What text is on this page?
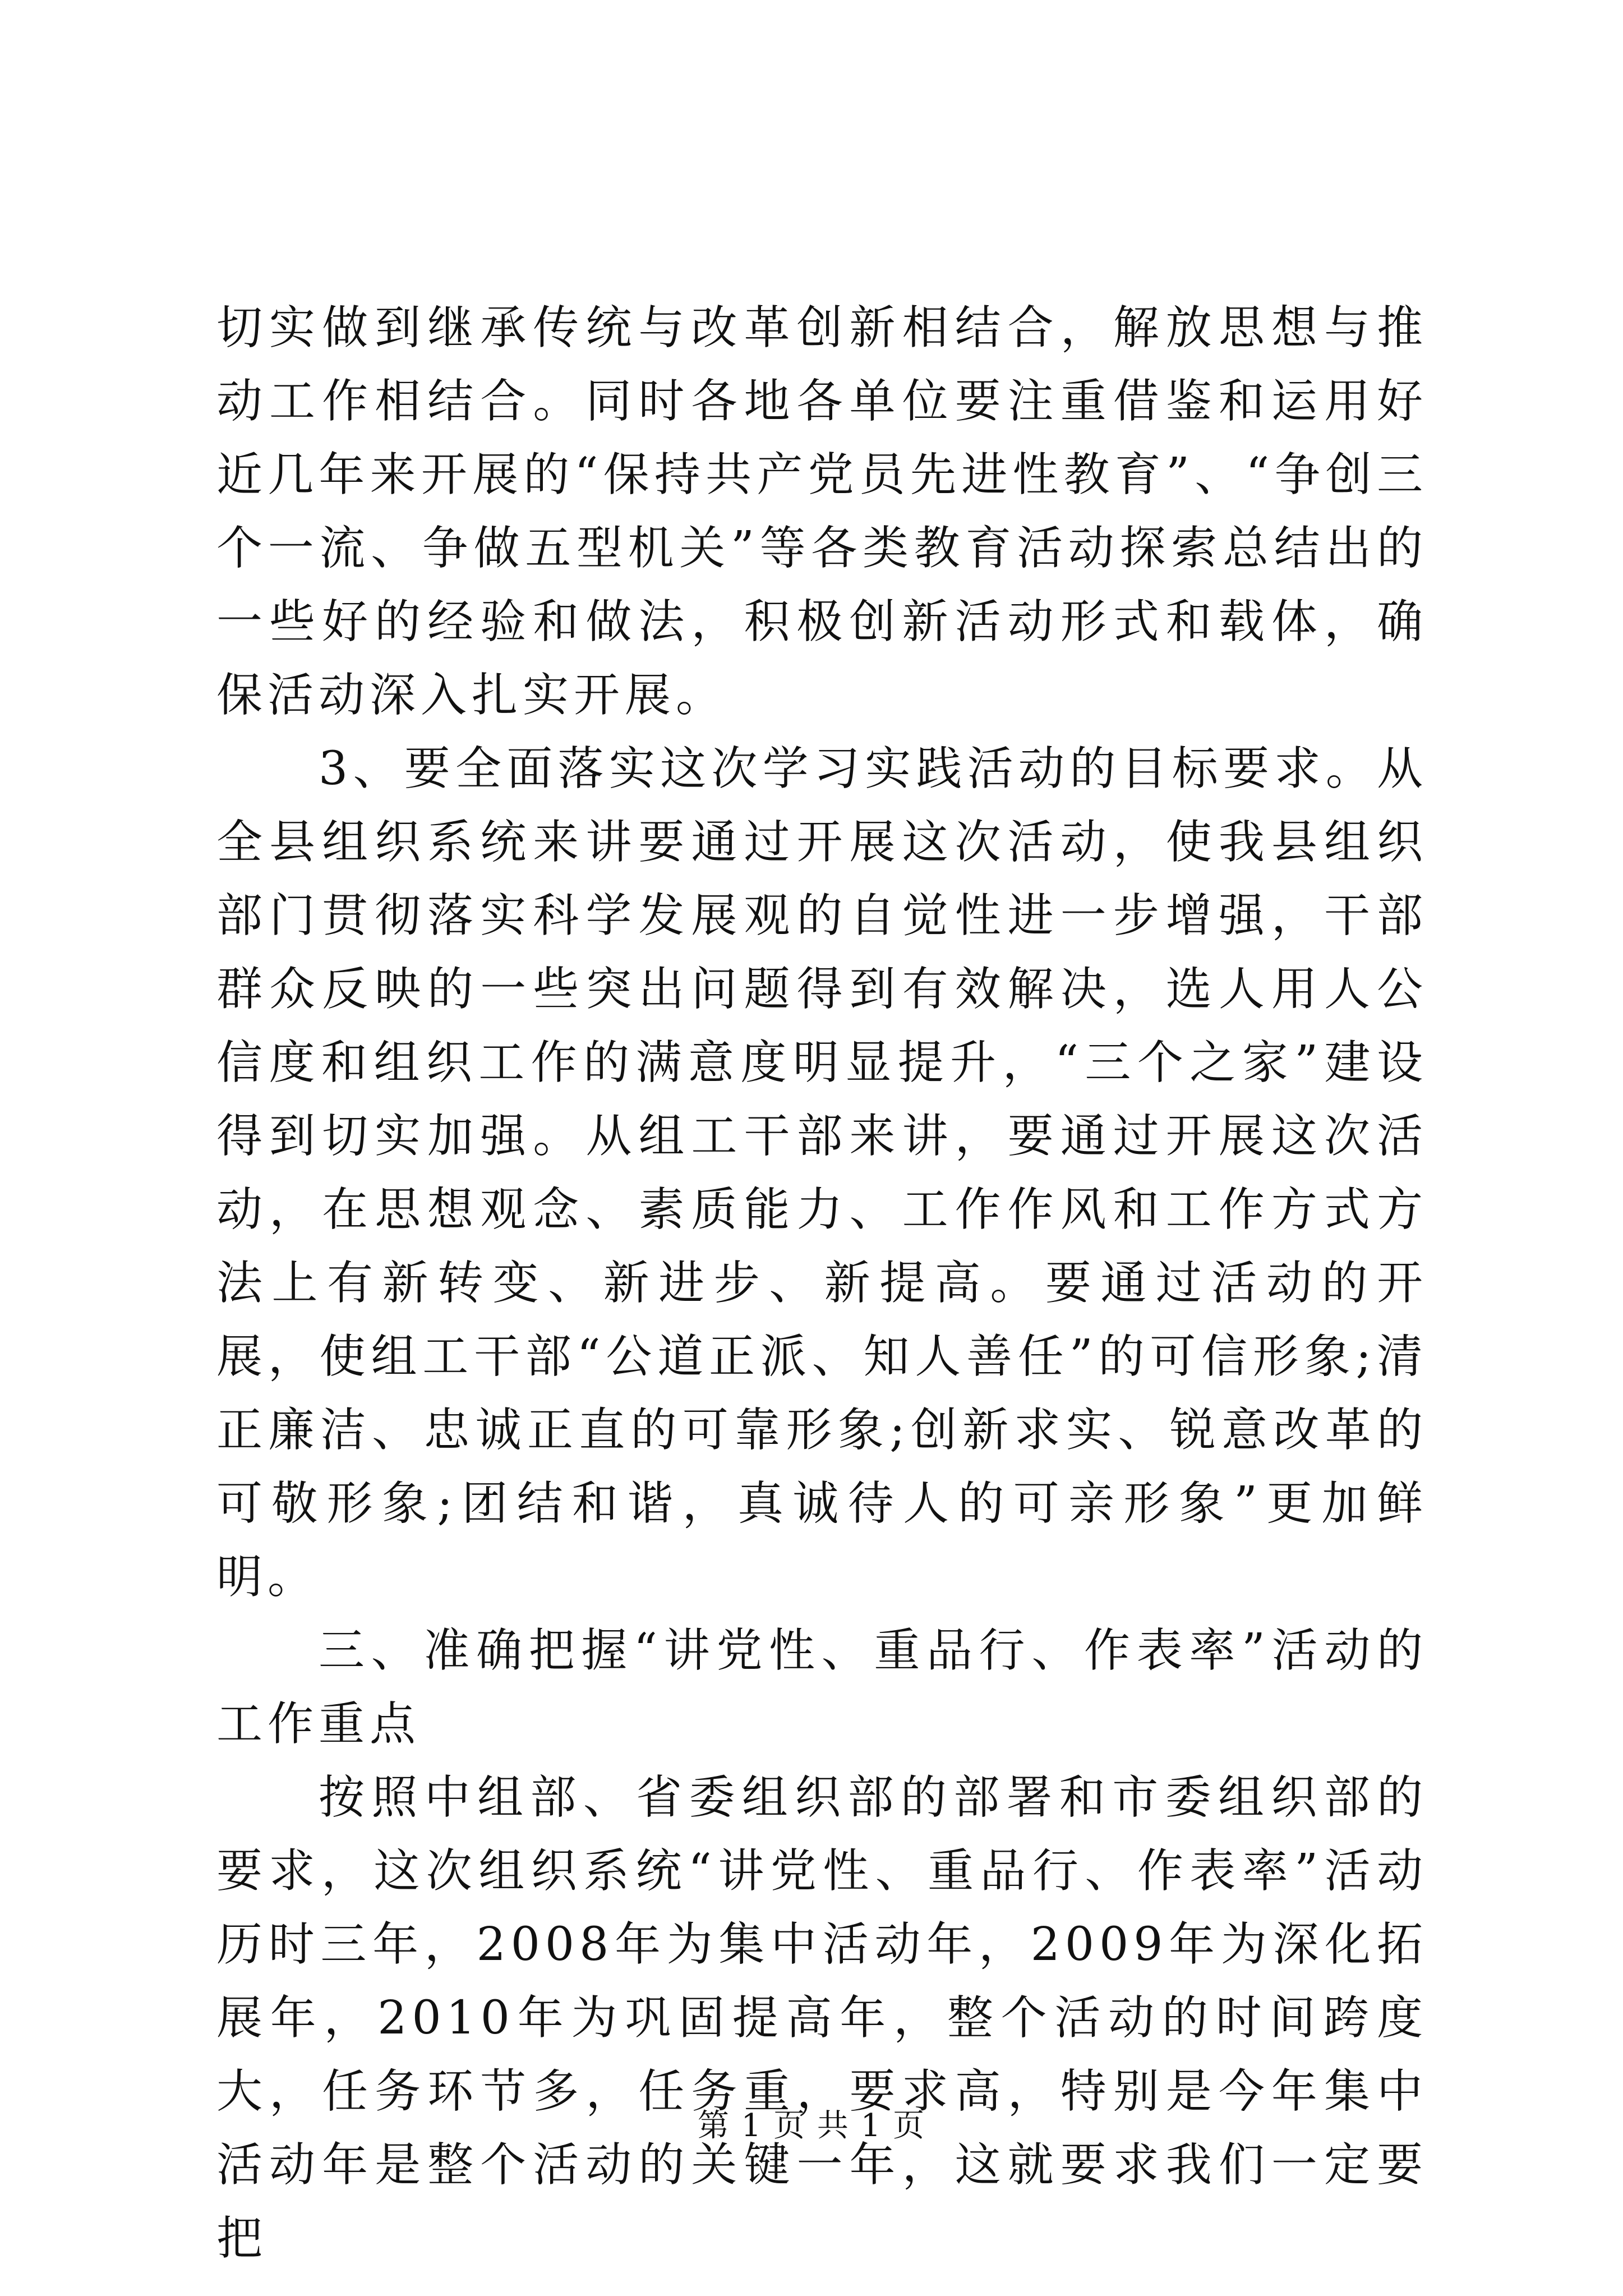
切实做到继承传统与改革创新相结合，解放思想与推动工作相结合。同时各地各单位要注重借鉴和运用好近几年来开展的“保持共产党员先进性教育”、“争创三个一流、争做五型机关”等各类教育活动探索总结出的一些好的经验和做法，积极创新活动形式和载体，确保活动深入扎实开展。

3、要全面落实这次学习实践活动的目标要求。从全县组织系统来讲要通过开展这次活动，使我县组织部门贯彻落实科学发展观的自觉性进一步增强，干部群众反映的一些突出问题得到有效解决，选人用人公信度和组织工作的满意度明显提升，“三个之家”建设得到切实加强。从组工干部来讲，要通过开展这次活动，在思想观念、素质能力、工作作风和工作方式方法上有新转变、新进步、新提高。要通过活动的开展，使组工干部“公道正派、知人善任”的可信形象;清正廉洁、忠诚正直的可靠形象;创新求实、锐意改革的可敬形象;团结和谐，真诚待人的可亲形象”更加鲜明。

三、准确把握“讲党性、重品行、作表率”活动的工作重点

按照中组部、省委组织部的部署和市委组织部的要求，这次组织系统“讲党性、重品行、作表率”活动历时三年，2008年为集中活动年，2009年为深化拓展年，2010年为巩固提高年，整个活动的时间跨度大，任务环节多，任务重，要求高，特别是今年集中活动年是整个活动的关键一年，这就要求我们一定要把

第 1 页 共 1 页
